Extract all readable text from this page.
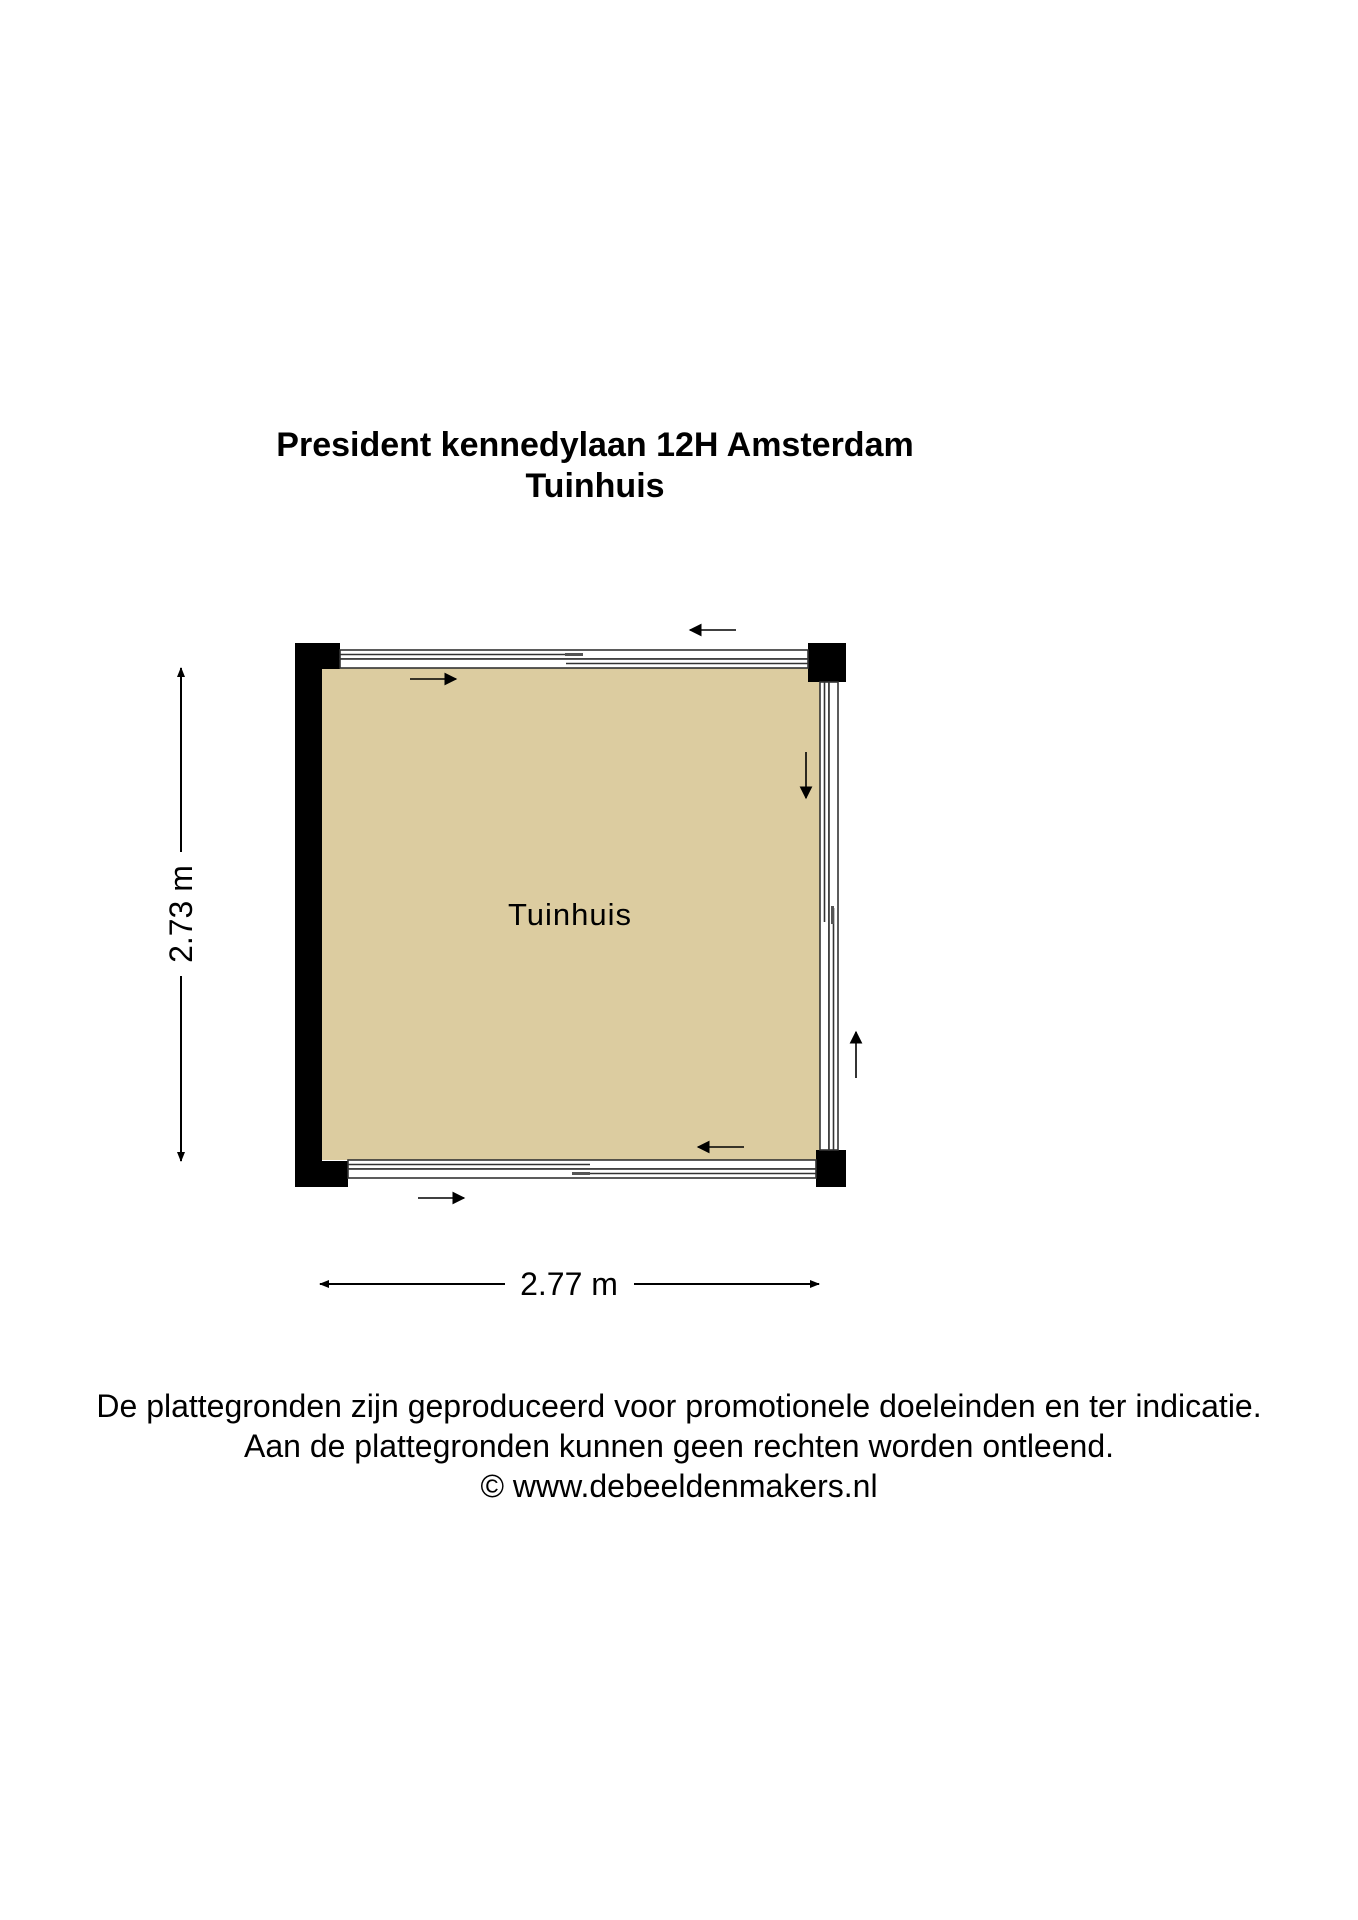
President kennedylaan 12H Amsterdam
Tuinhuis
Tuinhuis
2.73 m
2.77 m
De plattegronden zijn geproduceerd voor promotionele doeleinden en ter indicatie.
Aan de plattegronden kunnen geen rechten worden ontleend.
© www.debeeldenmakers.nl
